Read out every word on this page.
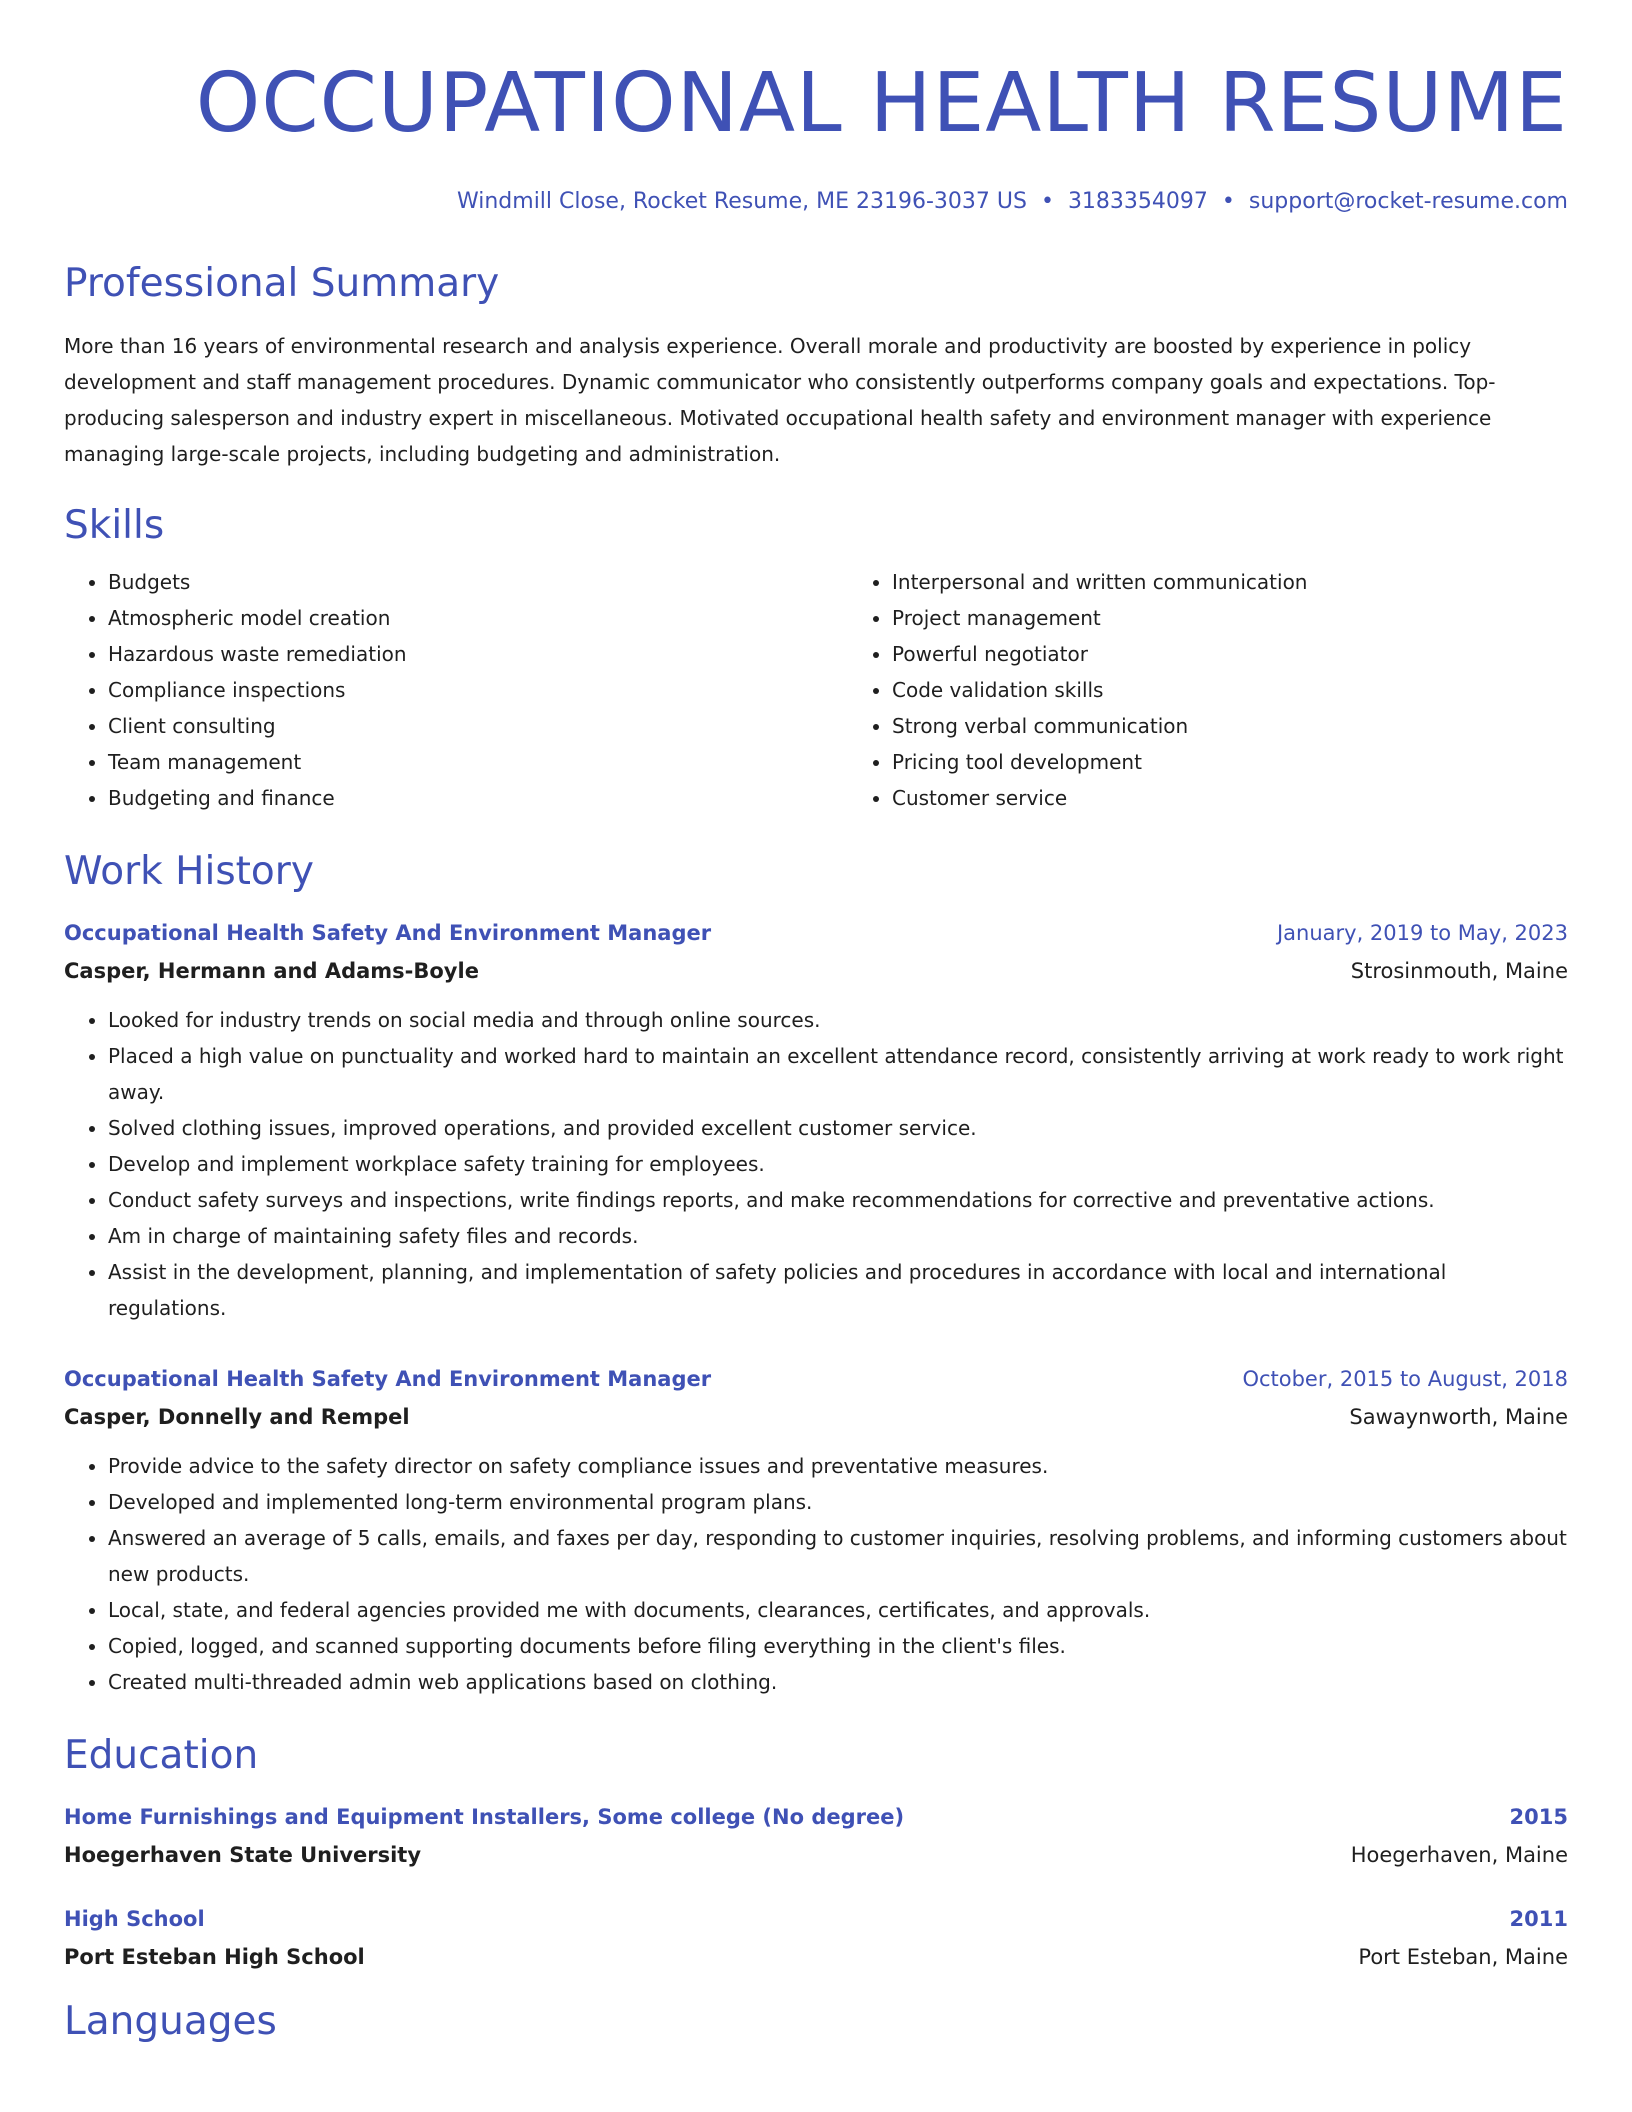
OCCUPATIONAL HEALTH RESUME
Windmill Close, Rocket Resume, ME 23196-3037 US • 3183354097 • support@rocket-resume.com
Professional Summary

More than 16 years of environmental research and analysis experience. Overall morale and productivity are boosted by experience in policy development and staff management procedures. Dynamic communicator who consistently outperforms company goals and expectations. Top-producing salesperson and industry expert in miscellaneous. Motivated occupational health safety and environment manager with experience managing large-scale projects, including budgeting and administration.

Skills
• Budgets
• Atmospheric model creation
• Hazardous waste remediation
• Compliance inspections
• Client consulting
• Team management
• Budgeting and finance
• Interpersonal and written communication
• Project management
• Powerful negotiator
• Code validation skills
• Strong verbal communication
• Pricing tool development
• Customer service
Work History
Occupational Health Safety And Environment Manager	January, 2019 to May, 2023
Casper, Hermann and Adams-Boyle	Strosinmouth, Maine
• Looked for industry trends on social media and through online sources.
• Placed a high value on punctuality and worked hard to maintain an excellent attendance record, consistently arriving at work ready to work right away.
• Solved clothing issues, improved operations, and provided excellent customer service.
• Develop and implement workplace safety training for employees.
• Conduct safety surveys and inspections, write findings reports, and make recommendations for corrective and preventative actions.
• Am in charge of maintaining safety files and records.
• Assist in the development, planning, and implementation of safety policies and procedures in accordance with local and international regulations.
Occupational Health Safety And Environment Manager	October, 2015 to August, 2018
Casper, Donnelly and Rempel	Sawaynworth, Maine
• Provide advice to the safety director on safety compliance issues and preventative measures.
• Developed and implemented long-term environmental program plans.
• Answered an average of 5 calls, emails, and faxes per day, responding to customer inquiries, resolving problems, and informing customers about new products.
• Local, state, and federal agencies provided me with documents, clearances, certificates, and approvals.
• Copied, logged, and scanned supporting documents before filing everything in the client's files.
• Created multi-threaded admin web applications based on clothing.
Education
Home Furnishings and Equipment Installers, Some college (No degree)	2015
Hoegerhaven State University	Hoegerhaven, Maine
High School	2011
Port Esteban High School	Port Esteban, Maine
Languages
